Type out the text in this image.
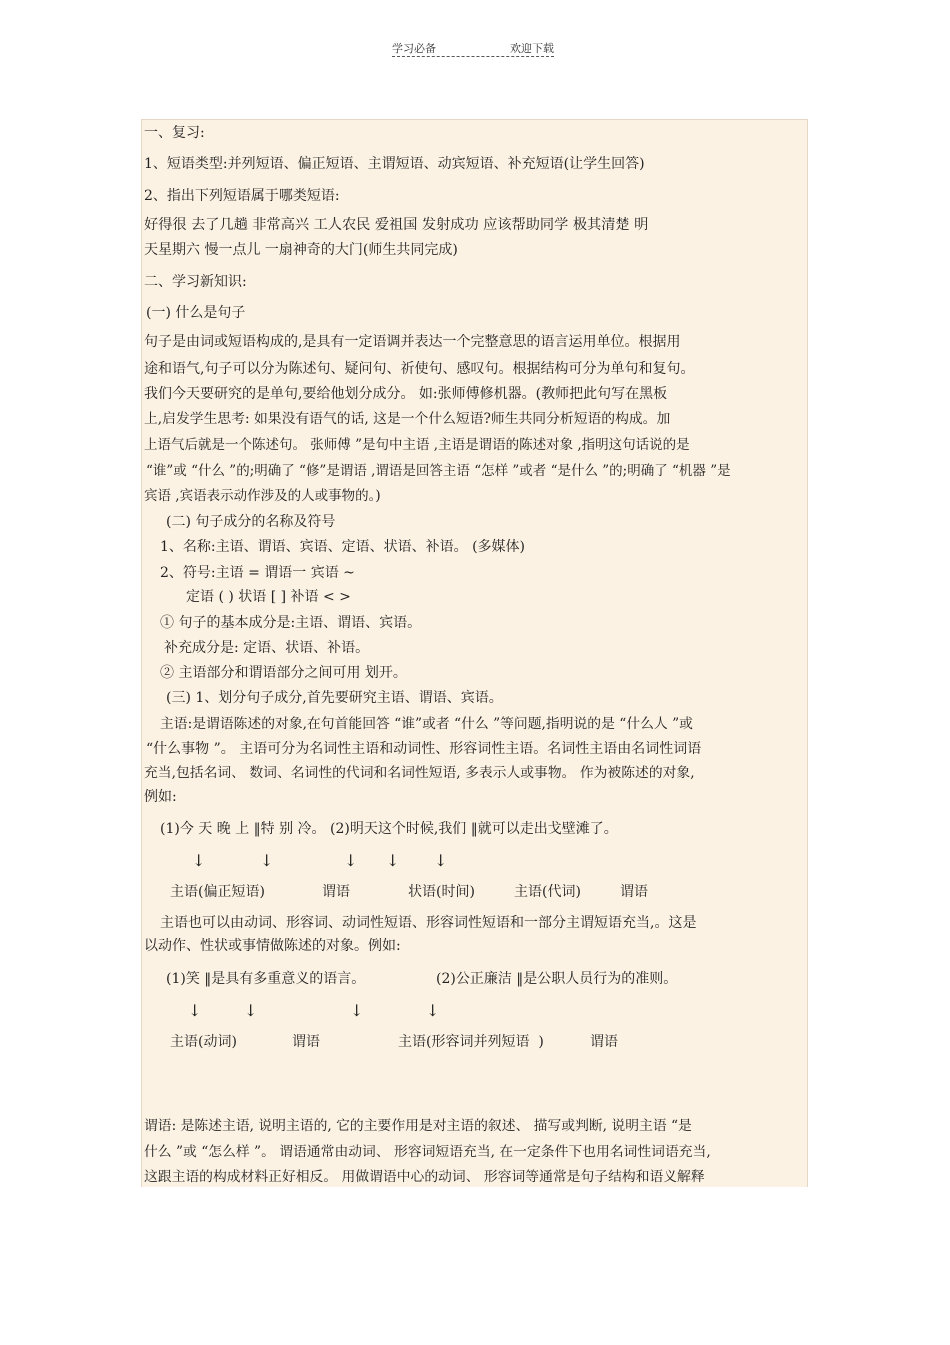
学习必备	欢迎下载
一、复习:
1、短语类型:并列短语、偏正短语、主谓短语、动宾短语、补充短语(让学生回答)
2、指出下列短语属于哪类短语:
好得很 去了几趟 非常高兴 工人农民 爱祖国 发射成功 应该帮助同学 极其清楚 明
天星期六 慢一点儿 一扇神奇的大门(师生共同完成)
二、学习新知识:
(一) 什么是句子
句子是由词或短语构成的,是具有一定语调并表达一个完整意思的语言运用单位。根据用
途和语气,句子可以分为陈述句、疑问句、祈使句、感叹句。根据结构可分为单句和复句。
我们今天要研究的是单句,要给他划分成分。 如:张师傅修机器。(教师把此句写在黑板
上,启发学生思考: 如果没有语气的话, 这是一个什么短语?师生共同分析短语的构成。加
上语气后就是一个陈述句。 张师傅 ”是句中主语 ,主语是谓语的陈述对象 ,指明这句话说的是
“谁”或 “什么 ”的;明确了 “修”是谓语 ,谓语是回答主语 “怎样 ”或者 “是什么 ”的;明确了 “机器 ”是
宾语 ,宾语表示动作涉及的人或事物的。)
(二) 句子成分的名称及符号
1、名称:主语、谓语、宾语、定语、状语、补语。 (多媒体)
2、符号:主语 = 谓语一 宾语 ~
定语 ( ) 状语 [ ] 补语 < >
① 句子的基本成分是:主语、谓语、宾语。
补充成分是: 定语、状语、补语。
② 主语部分和谓语部分之间可用 划开。
(三) 1、划分句子成分,首先要研究主语、谓语、宾语。
主语:是谓语陈述的对象,在句首能回答 “谁”或者 “什么 ”等问题,指明说的是 “什么人 ”或
“什么事物 ”。 主语可分为名词性主语和动词性、形容词性主语。名词性主语由名词性词语
充当,包括名词、 数词、名词性的代词和名词性短语, 多表示人或事物。 作为被陈述的对象,
例如:
(1)今 天 晚 上 ‖特 别 冷。 (2)明天这个时候,我们 ‖就可以走出戈壁滩了。
↓	↓	↓ ↓ ↓
主语(偏正短语)	谓语	状语(时间)	主语(代词)	谓语
主语也可以由动词、形容词、动词性短语、形容词性短语和一部分主谓短语充当,。这是
以动作、性状或事情做陈述的对象。例如:
(1)笑 ‖是具有多重意义的语言。	(2)公正廉洁 ‖是公职人员行为的准则。
↓	↓	↓	↓
主语(动词)	谓语	主语(形容词并列短语  )	谓语
谓语: 是陈述主语, 说明主语的, 它的主要作用是对主语的叙述、 描写或判断, 说明主语 “是
什么 ”或 “怎么样 ”。 谓语通常由动词、 形容词短语充当, 在一定条件下也用名词性词语充当,
这跟主语的构成材料正好相反。 用做谓语中心的动词、 形容词等通常是句子结构和语义解释
